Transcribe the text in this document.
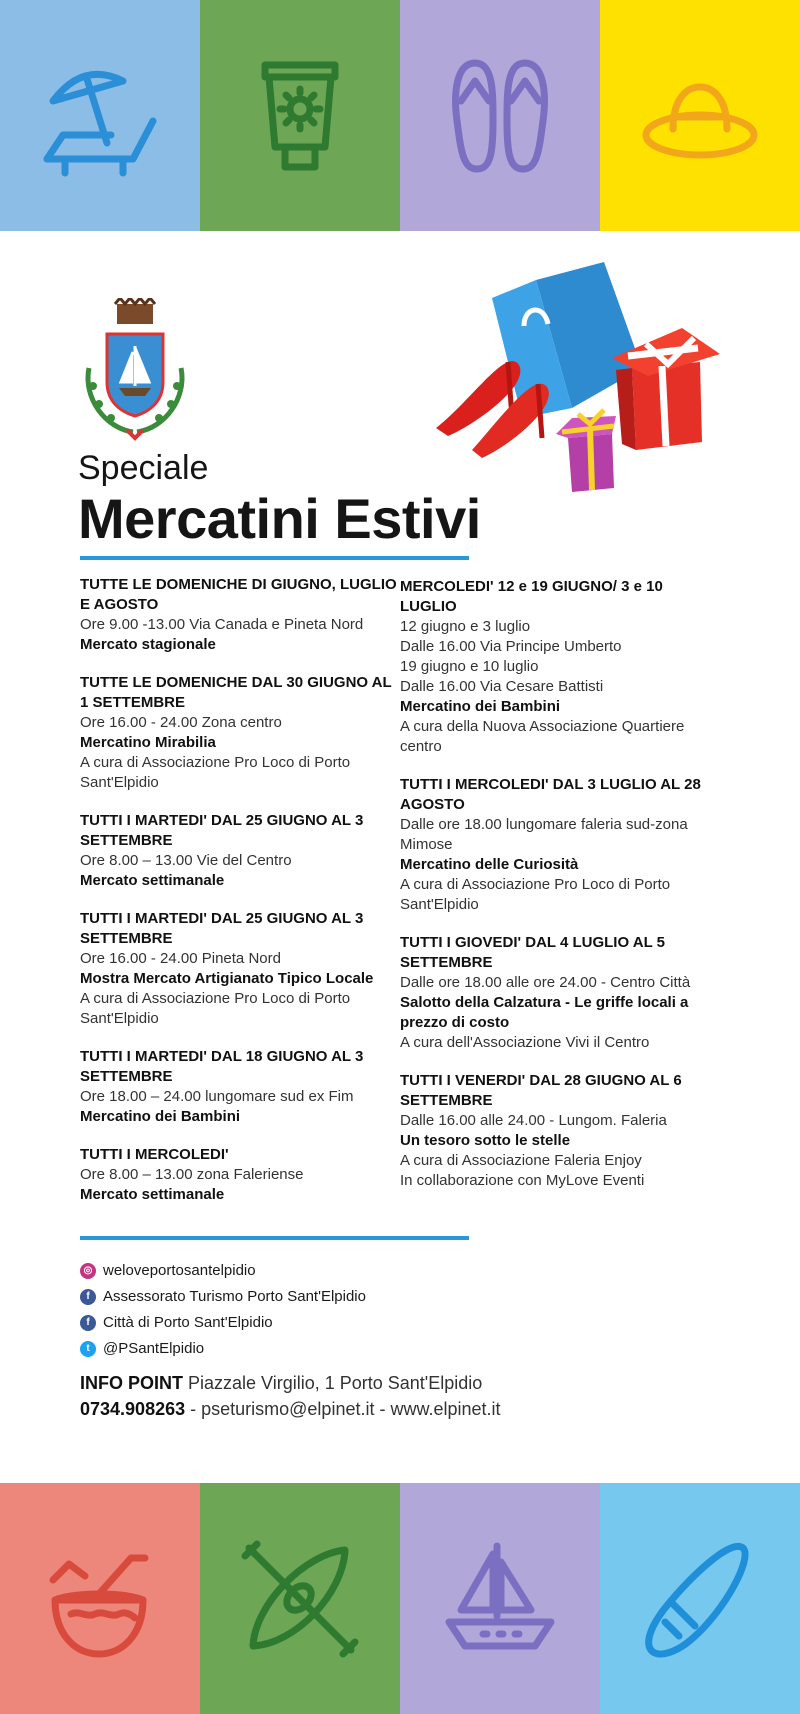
Speciale
Mercatini Estivi
TUTTE LE DOMENICHE DI GIUGNO, LUGLIO E AGOSTO
Ore 9.00 -13.00 Via Canada e Pineta Nord
Mercato stagionale
TUTTE LE DOMENICHE DAL 30 GIUGNO AL 1 SETTEMBRE
Ore 16.00 - 24.00 Zona centro
Mercatino Mirabilia
A cura di Associazione Pro Loco di Porto Sant'Elpidio
TUTTI I MARTEDI' DAL 25 GIUGNO AL 3 SETTEMBRE
Ore 8.00 – 13.00 Vie del Centro
Mercato settimanale
TUTTI I MARTEDI' DAL 25 GIUGNO AL 3 SETTEMBRE
Ore 16.00 - 24.00 Pineta Nord
Mostra Mercato Artigianato Tipico Locale
A cura di Associazione Pro Loco di Porto Sant'Elpidio
TUTTI I MARTEDI' DAL 18 GIUGNO AL 3 SETTEMBRE
Ore 18.00 – 24.00 lungomare sud ex Fim
Mercatino dei Bambini
TUTTI I MERCOLEDI'
Ore 8.00 – 13.00 zona Faleriense
Mercato settimanale
MERCOLEDI' 12 e 19 GIUGNO/ 3 e 10 LUGLIO
12 giugno e 3 luglio
Dalle 16.00 Via Principe Umberto
19 giugno e 10 luglio
Dalle 16.00 Via Cesare Battisti
Mercatino dei Bambini
A cura della Nuova Associazione Quartiere centro
TUTTI I MERCOLEDI' DAL 3 LUGLIO AL 28 AGOSTO
Dalle ore 18.00 lungomare faleria sud-zona Mimose
Mercatino delle Curiosità
A cura di Associazione Pro Loco di Porto Sant'Elpidio
TUTTI I GIOVEDI' DAL 4 LUGLIO AL 5 SETTEMBRE
Dalle ore 18.00 alle ore 24.00 - Centro Città
Salotto della Calzatura - Le griffe locali a prezzo di costo
A cura dell'Associazione Vivi il Centro
TUTTI I VENERDI' DAL 28 GIUGNO AL 6 SETTEMBRE
Dalle 16.00 alle 24.00 - Lungom. Faleria
Un tesoro sotto le stelle
A cura di Associazione Faleria Enjoy
In collaborazione con MyLove Eventi
◎ weloveportosantelpidio
f Assessorato Turismo Porto Sant'Elpidio
f Città di Porto Sant'Elpidio
t @PSantElpidio
INFO POINT Piazzale Virgilio, 1 Porto Sant'Elpidio
0734.908263 - pseturismo@elpinet.it - www.elpinet.it
